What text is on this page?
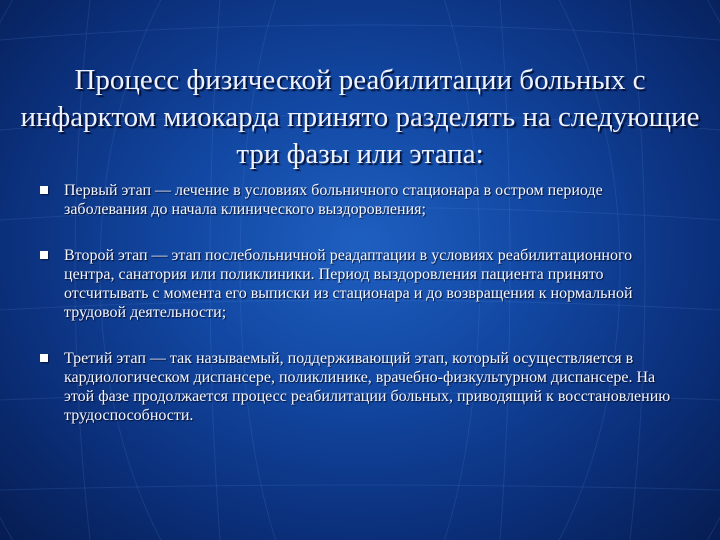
Процесс физической реабилитации больных с инфарктом миокарда принято разделять на следующие три фазы или этапа:
Первый этап — лечение в условиях больничного стационара в остром периоде заболевания до начала клинического выздоровления;
Второй этап — этап послебольничной реадаптации в условиях реабилитационного центра, санатория или поликлиники. Период выздоровления пациента принято отсчитывать с момента его выписки из стационара и до возвращения к нормальной трудовой деятельности;
Третий этап — так называемый, поддерживающий этап, который осуществляется в кардиологическом диспансере, поликлинике, врачебно-физкультурном диспансере. На этой фазе продолжается процесс реабилитации больных, приводящий к восстановлению трудоспособности.
